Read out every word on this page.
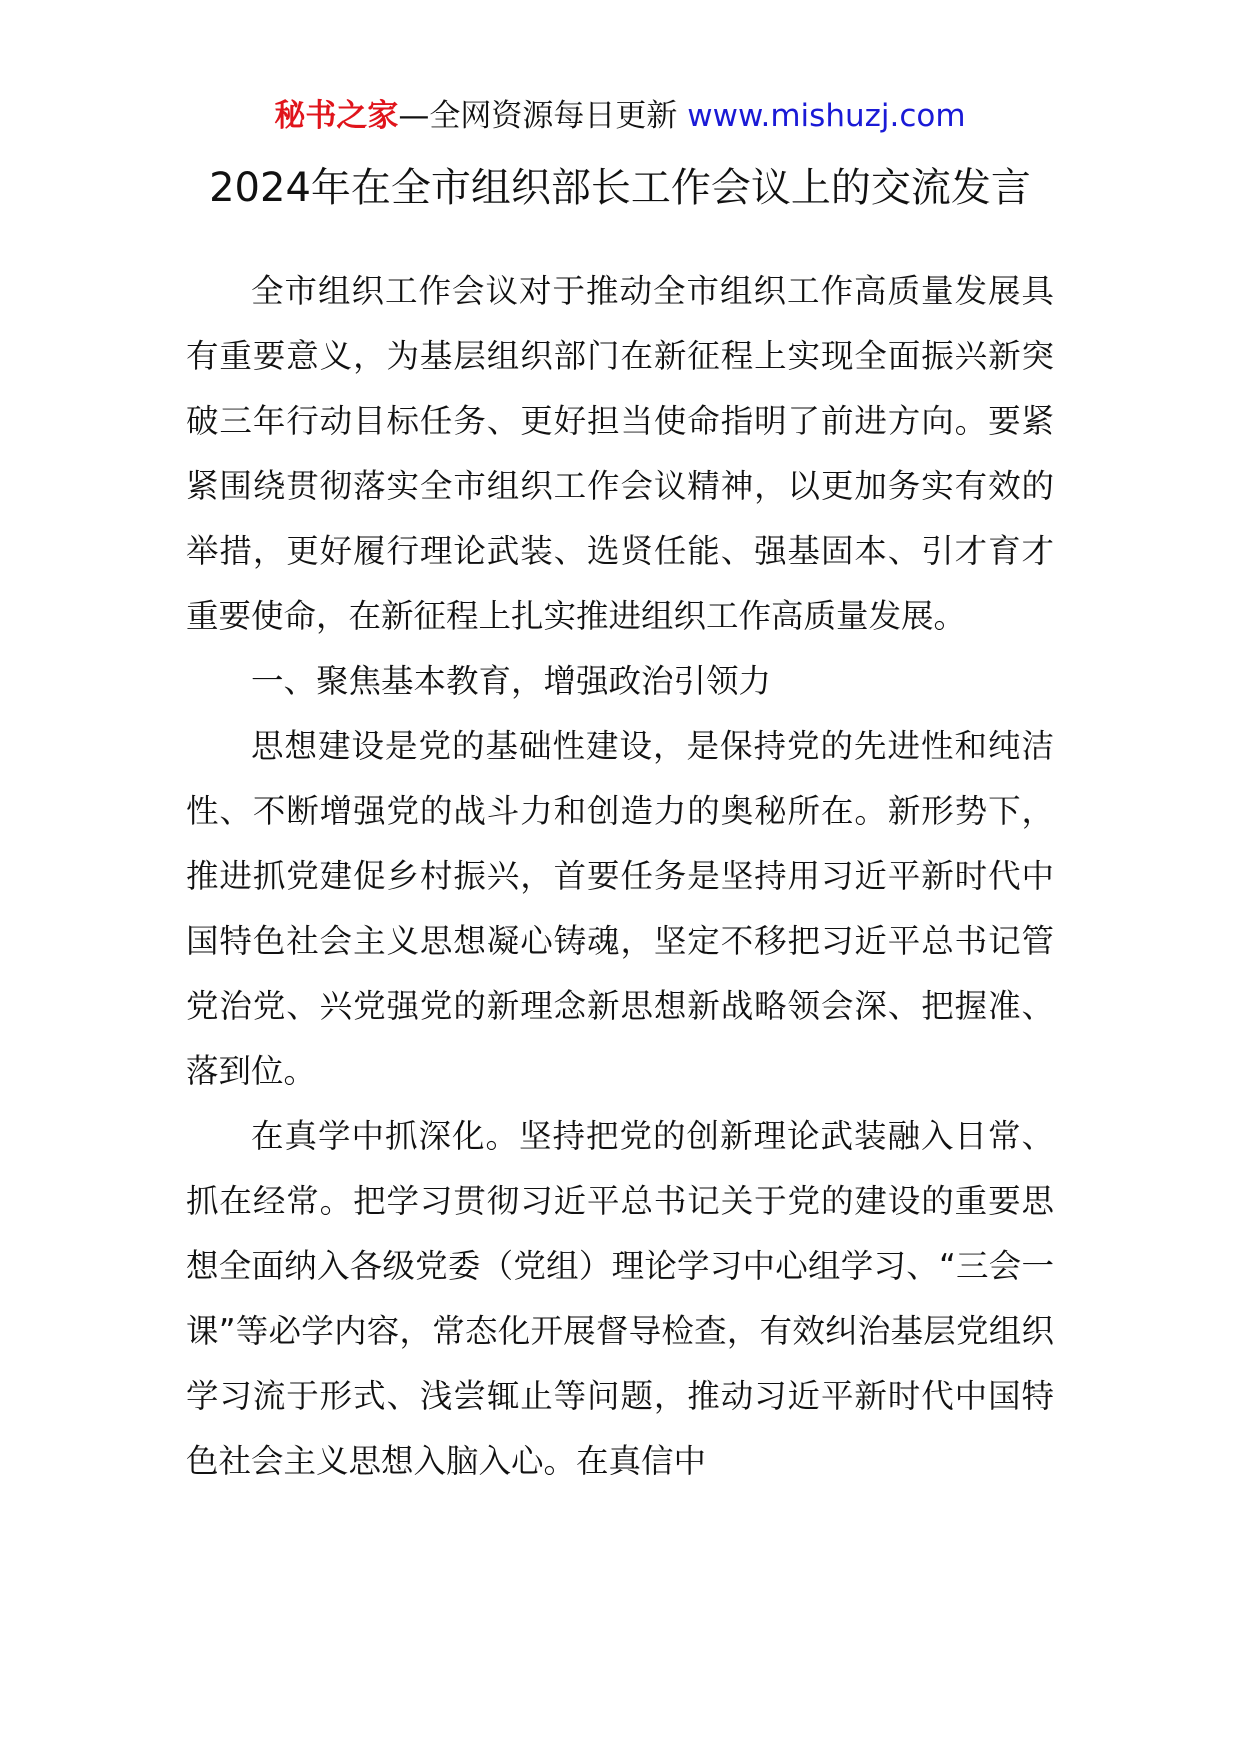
秘书之家—全网资源每日更新 www.mishuzj.com
2024年在全市组织部长工作会议上的交流发言

全市组织工作会议对于推动全市组织工作高质量发展具有重要意义，为基层组织部门在新征程上实现全面振兴新突破三年行动目标任务、更好担当使命指明了前进方向。要紧紧围绕贯彻落实全市组织工作会议精神，以更加务实有效的举措，更好履行理论武装、选贤任能、强基固本、引才育才重要使命，在新征程上扎实推进组织工作高质量发展。

一、聚焦基本教育，增强政治引领力

思想建设是党的基础性建设，是保持党的先进性和纯洁性、不断增强党的战斗力和创造力的奥秘所在。新形势下，推进抓党建促乡村振兴，首要任务是坚持用习近平新时代中国特色社会主义思想凝心铸魂，坚定不移把习近平总书记管党治党、兴党强党的新理念新思想新战略领会深、把握准、落到位。

在真学中抓深化。坚持把党的创新理论武装融入日常、抓在经常。把学习贯彻习近平总书记关于党的建设的重要思想全面纳入各级党委（党组）理论学习中心组学习、“三会一课”等必学内容，常态化开展督导检查，有效纠治基层党组织学习流于形式、浅尝辄止等问题，推动习近平新时代中国特色社会主义思想入脑入心。在真信中
